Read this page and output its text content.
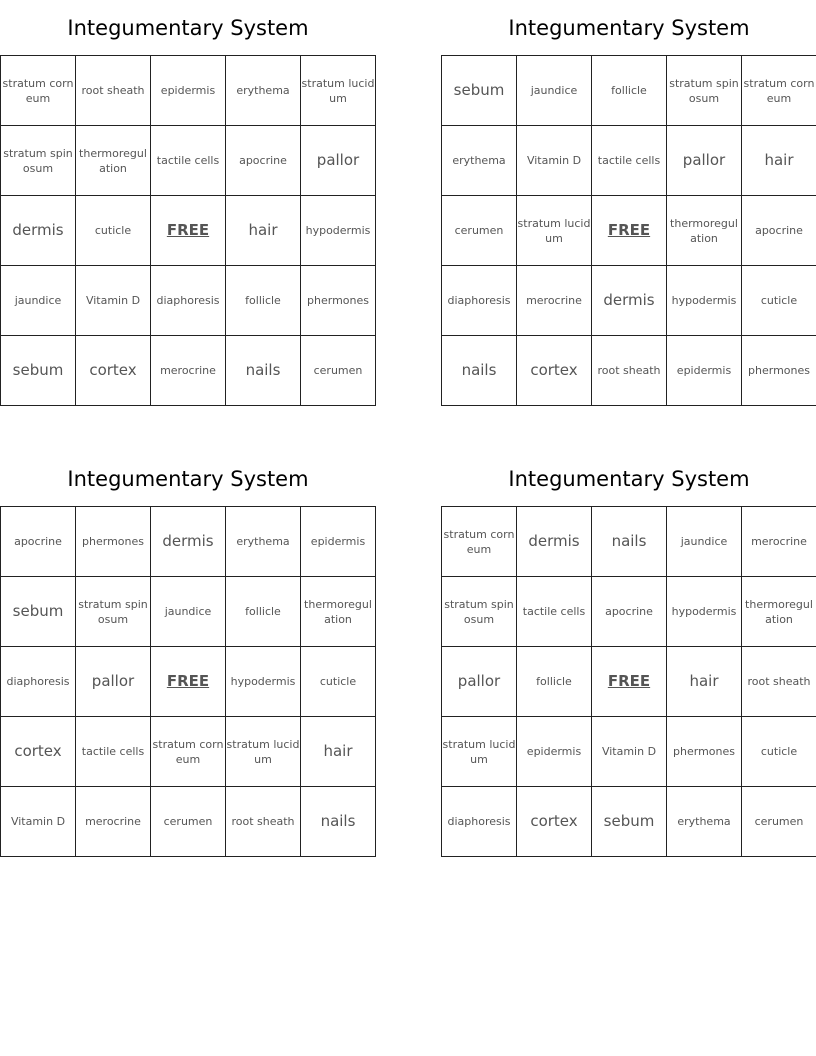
Integumentary System
stratum corneum	root sheath	epidermis	erythema	stratum lucidum
stratum spinosum	thermoregulation	tactile cells	apocrine	pallor
dermis	cuticle	FREE	hair	hypodermis
jaundice	Vitamin D	diaphoresis	follicle	phermones
sebum	cortex	merocrine	nails	cerumen
Integumentary System
sebum	jaundice	follicle	stratum spinosum	stratum corneum
erythema	Vitamin D	tactile cells	pallor	hair
cerumen	stratum lucidum	FREE	thermoregulation	apocrine
diaphoresis	merocrine	dermis	hypodermis	cuticle
nails	cortex	root sheath	epidermis	phermones
Integumentary System
apocrine	phermones	dermis	erythema	epidermis
sebum	stratum spinosum	jaundice	follicle	thermoregulation
diaphoresis	pallor	FREE	hypodermis	cuticle
cortex	tactile cells	stratum corneum	stratum lucidum	hair
Vitamin D	merocrine	cerumen	root sheath	nails
Integumentary System
stratum corneum	dermis	nails	jaundice	merocrine
stratum spinosum	tactile cells	apocrine	hypodermis	thermoregulation
pallor	follicle	FREE	hair	root sheath
stratum lucidum	epidermis	Vitamin D	phermones	cuticle
diaphoresis	cortex	sebum	erythema	cerumen
